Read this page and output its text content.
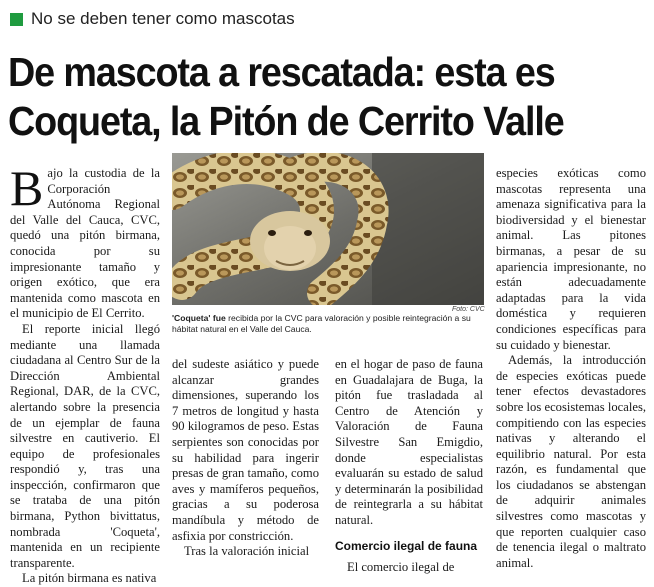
No se deben tener como mascotas
De mascota a rescatada: esta es
Coqueta, la Pitón de Cerrito Valle

Bajo la custodia de la Corporación Autónoma Regional del Valle del Cauca, CVC, quedó una pitón birmana, conocida por su impresionante tamaño y origen exótico, que era mantenida como mascota en el municipio de El Cerrito.

El reporte inicial llegó mediante una llamada ciudadana al Centro Sur de la Dirección Ambiental Regional, DAR, de la CVC, alertando sobre la presencia de un ejemplar de fauna silvestre en cautiverio. El equipo de profesionales respondió y, tras una inspección, confirmaron que se trataba de una pitón birmana, Python bivittatus, nombrada 'Coqueta', mantenida en un recipiente transparente.

La pitón birmana es nativa

Foto: CVC
'Coqueta' fue recibida por la CVC para valoración y posible reintegración a su hábitat natural en el Valle del Cauca.

del sudeste asiático y puede alcanzar grandes dimensiones, superando los 7 metros de longitud y hasta 90 kilogramos de peso. Estas serpientes son conocidas por su habilidad para ingerir presas de gran tamaño, como aves y mamíferos pequeños, gracias a su poderosa mandíbula y método de asfixia por constricción.

Tras la valoración inicial

en el hogar de paso de fauna en Guadalajara de Buga, la pitón fue trasladada al Centro de Atención y Valoración de Fauna Silvestre San Emigdio, donde especialistas evaluarán su estado de salud y determinarán la posibilidad de reintegrarla a su hábitat natural.

Comercio ilegal de fauna

El comercio ilegal de

especies exóticas como mascotas representa una amenaza significativa para la biodiversidad y el bienestar animal. Las pitones birmanas, a pesar de su apariencia impresionante, no están adecuadamente adaptadas para la vida doméstica y requieren condiciones específicas para su cuidado y bienestar.

Además, la introducción de especies exóticas puede tener efectos devastadores sobre los ecosistemas locales, compitiendo con las especies nativas y alterando el equilibrio natural. Por esta razón, es fundamental que los ciudadanos se abstengan de adquirir animales silvestres como mascotas y que reporten cualquier caso de tenencia ilegal o maltrato animal.
